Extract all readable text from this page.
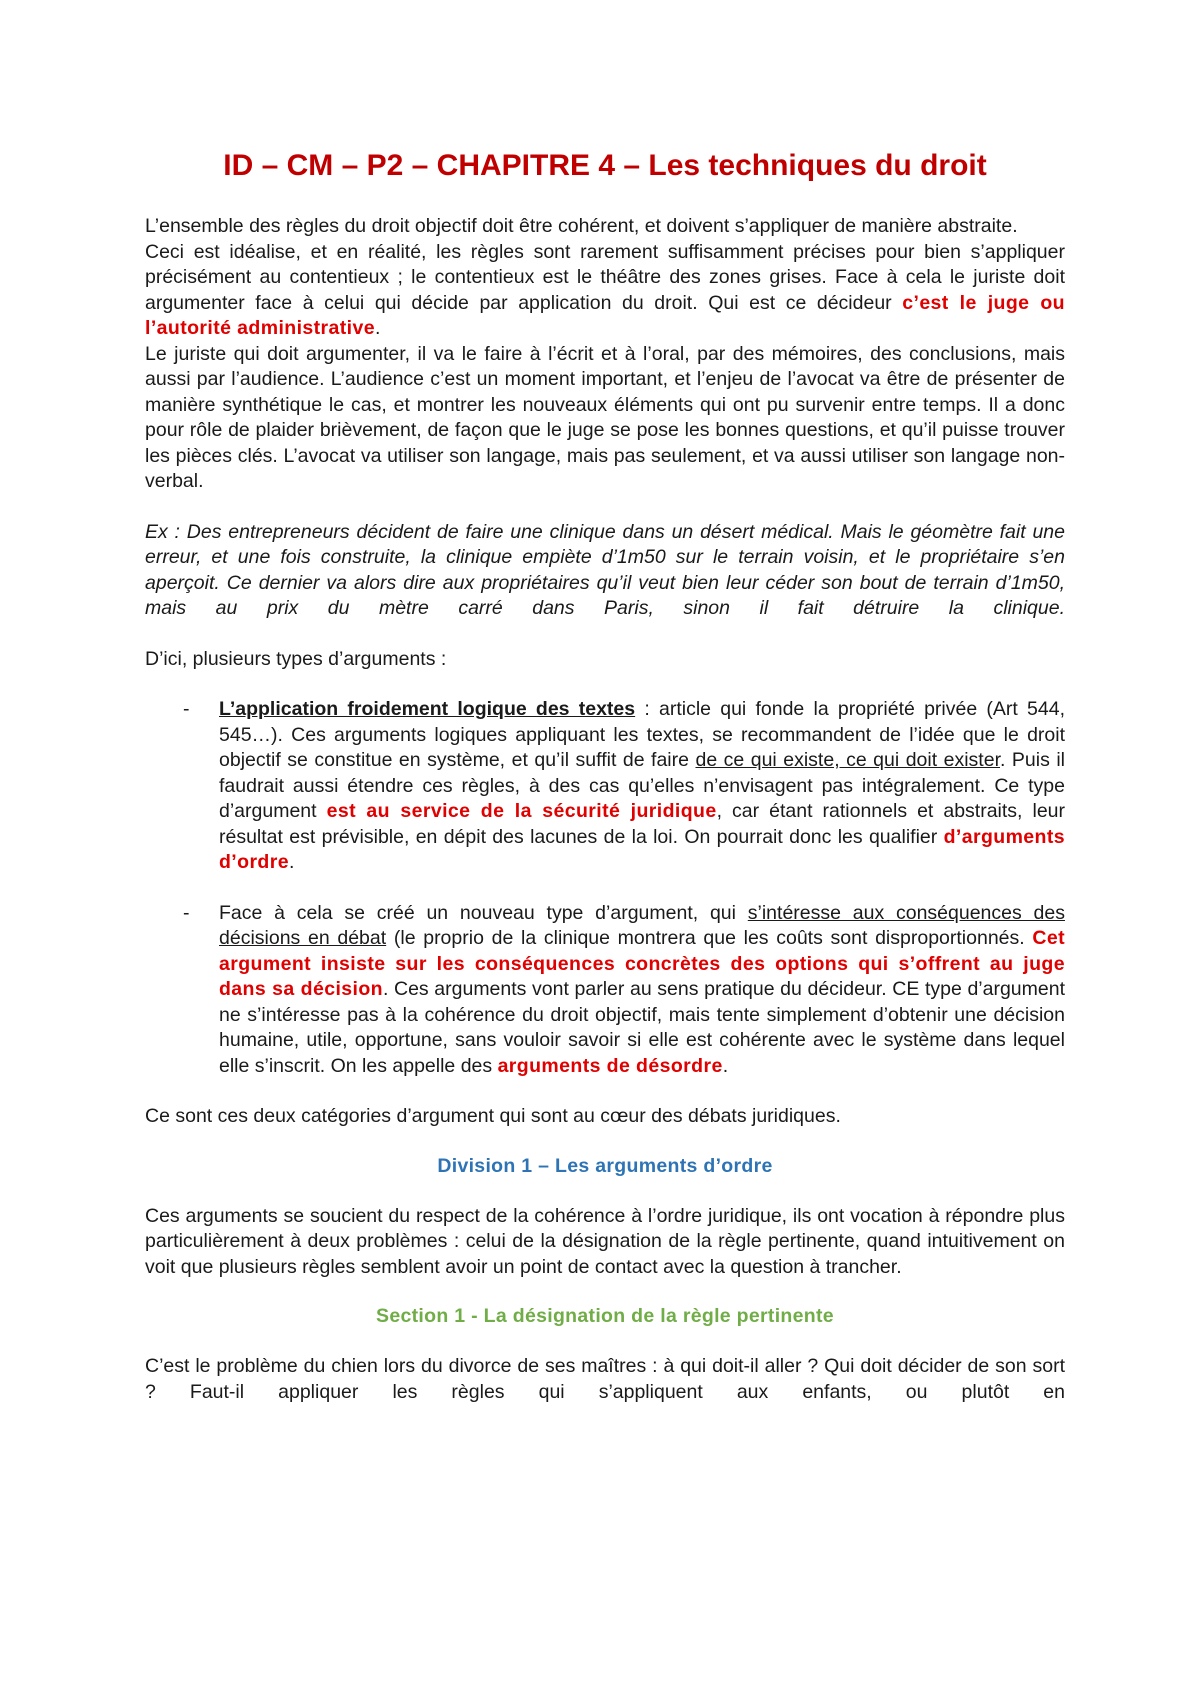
ID – CM – P2 – CHAPITRE 4 – Les techniques du droit

L’ensemble des règles du droit objectif doit être cohérent, et doivent s’appliquer de manière abstraite.

Ceci est idéalise, et en réalité, les règles sont rarement suffisamment précises pour bien s’appliquer précisément au contentieux ; le contentieux est le théâtre des zones grises. Face à cela le juriste doit argumenter face à celui qui décide par application du droit. Qui est ce décideur c’est le juge ou l’autorité administrative.

Le juriste qui doit argumenter, il va le faire à l’écrit et à l’oral, par des mémoires, des conclusions, mais aussi par l’audience. L’audience c’est un moment important, et l’enjeu de l’avocat va être de présenter de manière synthétique le cas, et montrer les nouveaux éléments qui ont pu survenir entre temps. Il a donc pour rôle de plaider brièvement, de façon que le juge se pose les bonnes questions, et qu’il puisse trouver les pièces clés. L’avocat va utiliser son langage, mais pas seulement, et va aussi utiliser son langage non-verbal.

Ex : Des entrepreneurs décident de faire une clinique dans un désert médical. Mais le géomètre fait une erreur, et une fois construite, la clinique empiète d’1m50 sur le terrain voisin, et le propriétaire s’en aperçoit. Ce dernier va alors dire aux propriétaires qu’il veut bien leur céder son bout de terrain d’1m50, mais au prix du mètre carré dans Paris, sinon il fait détruire la clinique.

D’ici, plusieurs types d’arguments :

- L’application froidement logique des textes : article qui fonde la propriété privée (Art 544, 545…). Ces arguments logiques appliquant les textes, se recommandent de l’idée que le droit objectif se constitue en système, et qu’il suffit de faire de ce qui existe, ce qui doit exister. Puis il faudrait aussi étendre ces règles, à des cas qu’elles n’envisagent pas intégralement. Ce type d’argument est au service de la sécurité juridique, car étant rationnels et abstraits, leur résultat est prévisible, en dépit des lacunes de la loi. On pourrait donc les qualifier d’arguments d’ordre.

- Face à cela se créé un nouveau type d’argument, qui s’intéresse aux conséquences des décisions en débat (le proprio de la clinique montrera que les coûts sont disproportionnés. Cet argument insiste sur les conséquences concrètes des options qui s’offrent au juge dans sa décision. Ces arguments vont parler au sens pratique du décideur. CE type d’argument ne s’intéresse pas à la cohérence du droit objectif, mais tente simplement d’obtenir une décision humaine, utile, opportune, sans vouloir savoir si elle est cohérente avec le système dans lequel elle s’inscrit. On les appelle des arguments de désordre.

Ce sont ces deux catégories d’argument qui sont au cœur des débats juridiques.

Division 1 – Les arguments d’ordre

Ces arguments se soucient du respect de la cohérence à l’ordre juridique, ils ont vocation à répondre plus particulièrement à deux problèmes : celui de la désignation de la règle pertinente, quand intuitivement on voit que plusieurs règles semblent avoir un point de contact avec la question à trancher.

Section 1 - La désignation de la règle pertinente

C’est le problème du chien lors du divorce de ses maîtres : à qui doit-il aller ? Qui doit décider de son sort ? Faut-il appliquer les règles qui s’appliquent aux enfants, ou plutôt en
